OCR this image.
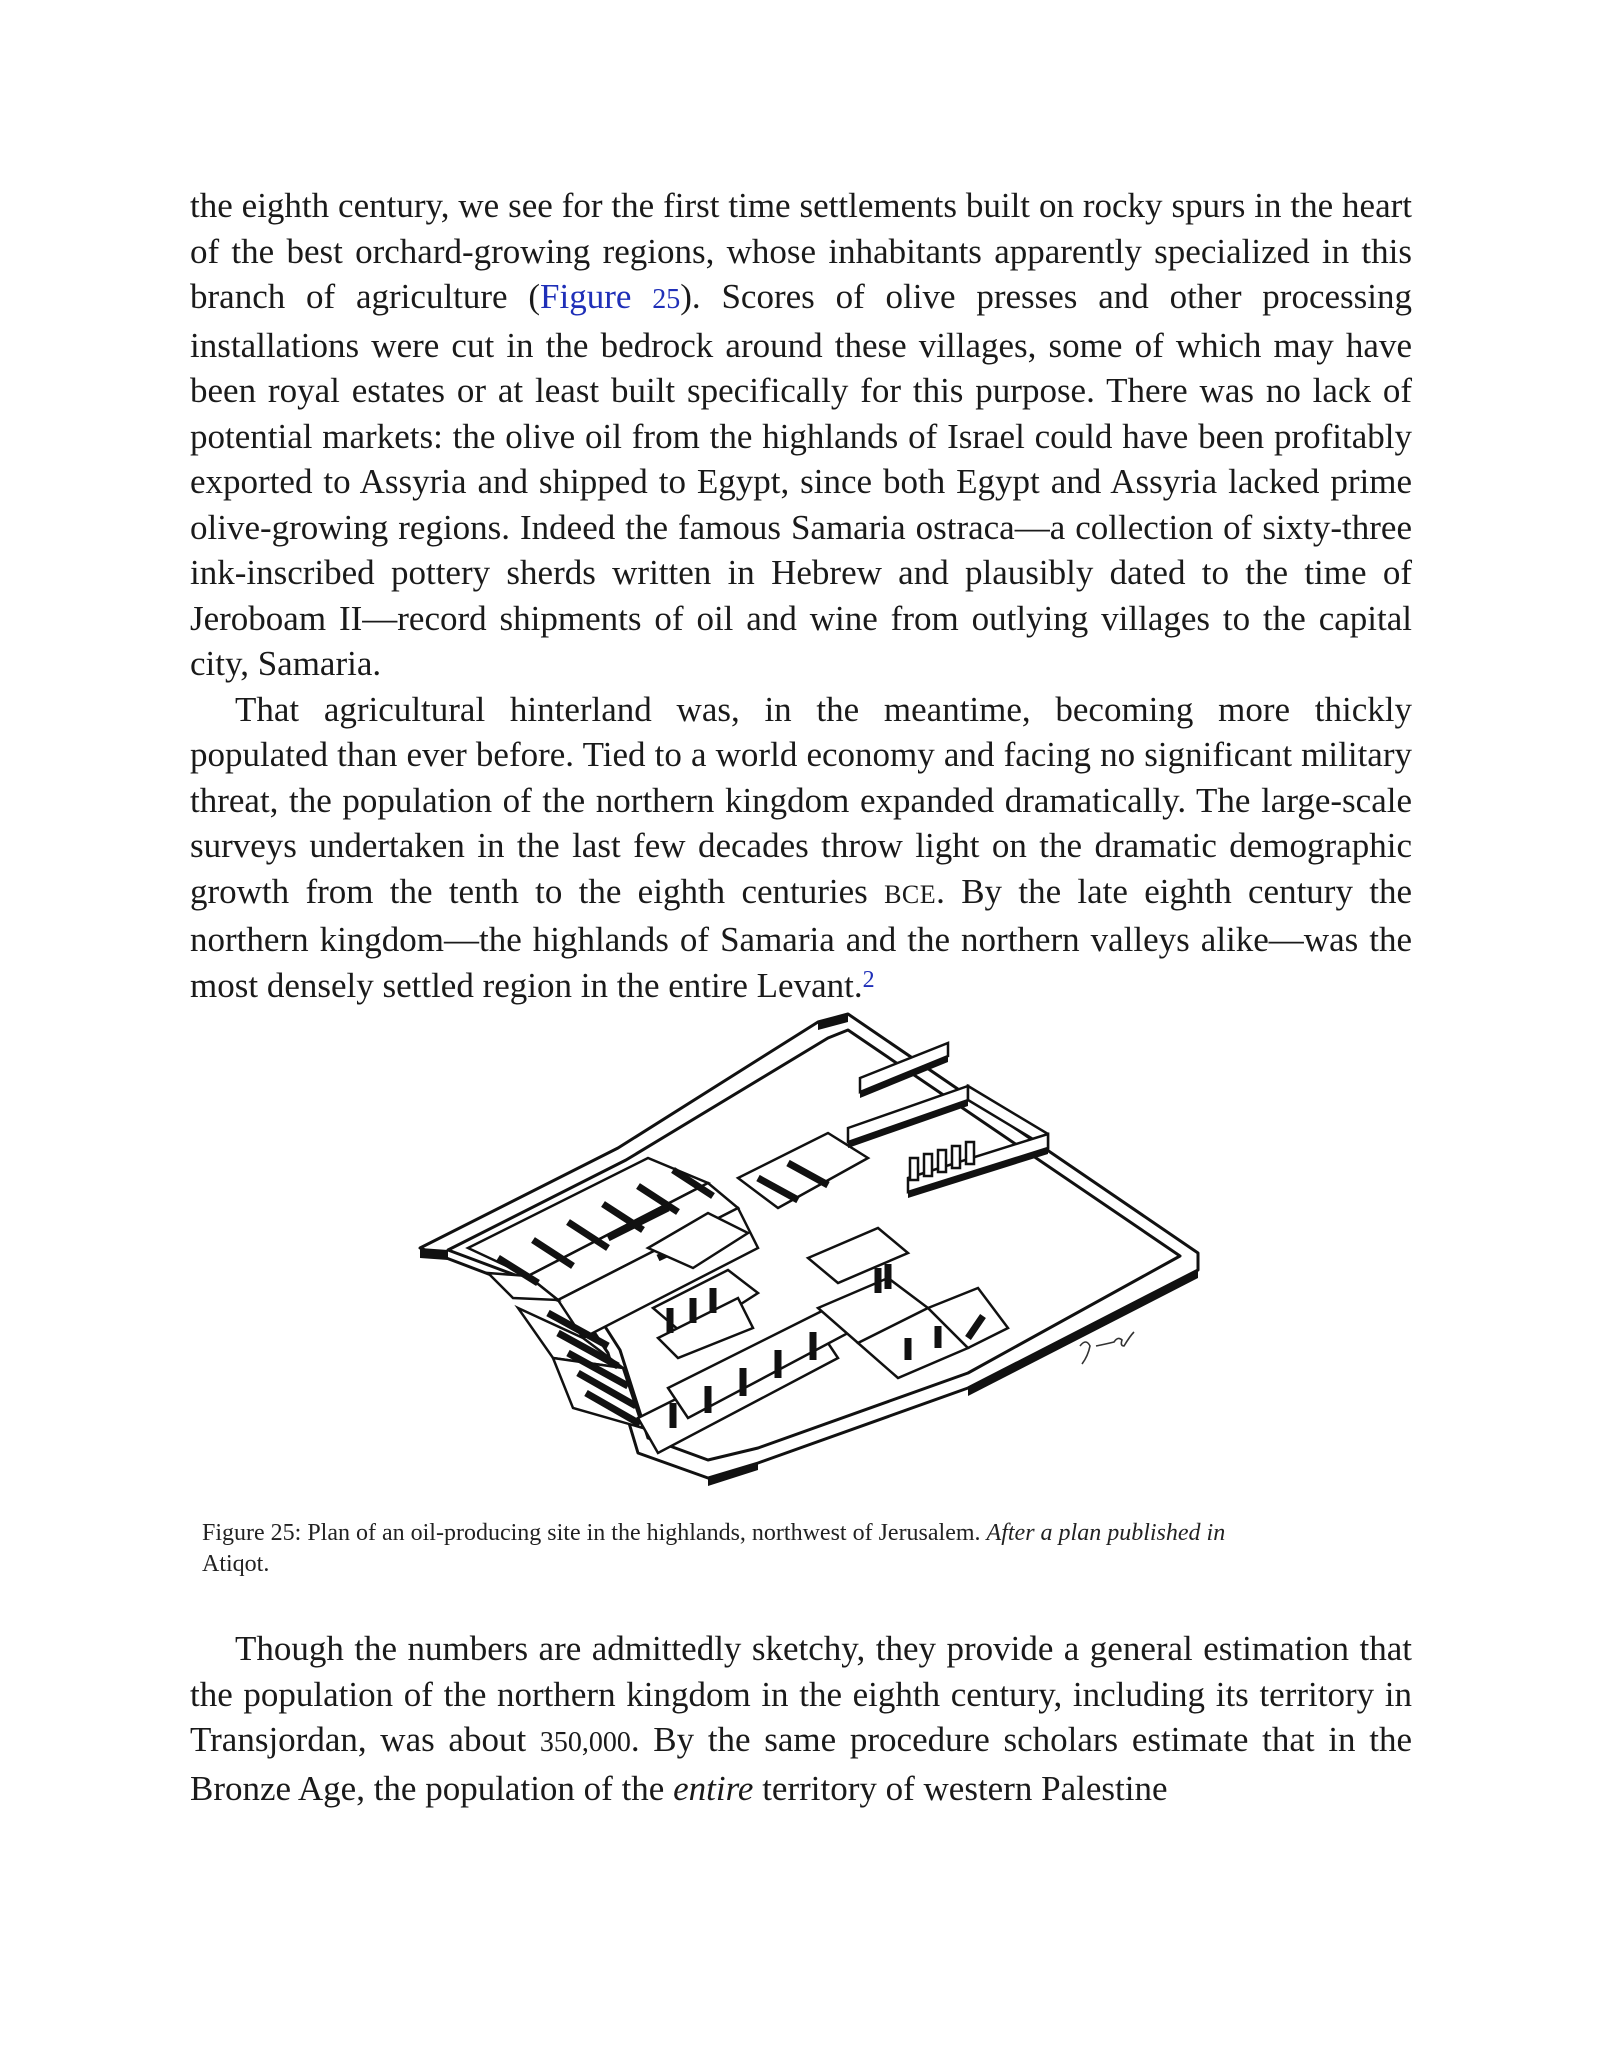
the eighth century, we see for the first time settlements built on rocky spurs in the heart of the best orchard-growing regions, whose inhabitants apparently specialized in this branch of agriculture (Figure 25). Scores of olive presses and other processing installations were cut in the bedrock around these villages, some of which may have been royal estates or at least built specifically for this purpose. There was no lack of potential markets: the olive oil from the highlands of Israel could have been profitably exported to Assyria and shipped to Egypt, since both Egypt and Assyria lacked prime olive-growing regions. Indeed the famous Samaria ostraca—a collection of sixty-three ink-inscribed pottery sherds written in Hebrew and plausibly dated to the time of Jeroboam II—record shipments of oil and wine from outlying villages to the capital city, Samaria.

That agricultural hinterland was, in the meantime, becoming more thickly populated than ever before. Tied to a world economy and facing no significant military threat, the population of the northern kingdom expanded dramatically. The large-scale surveys undertaken in the last few decades throw light on the dramatic demographic growth from the tenth to the eighth centuries BCE. By the late eighth century the northern kingdom—the highlands of Samaria and the northern valleys alike—was the most densely settled region in the entire Levant.$^2$

Figure 25: Plan of an oil-producing site in the highlands, northwest of Jerusalem. After a plan published in
Atiqot.

Though the numbers are admittedly sketchy, they provide a general estimation that the population of the northern kingdom in the eighth century, including its territory in Transjordan, was about 350,000. By the same procedure scholars estimate that in the Bronze Age, the population of the entire territory of western Palestine
